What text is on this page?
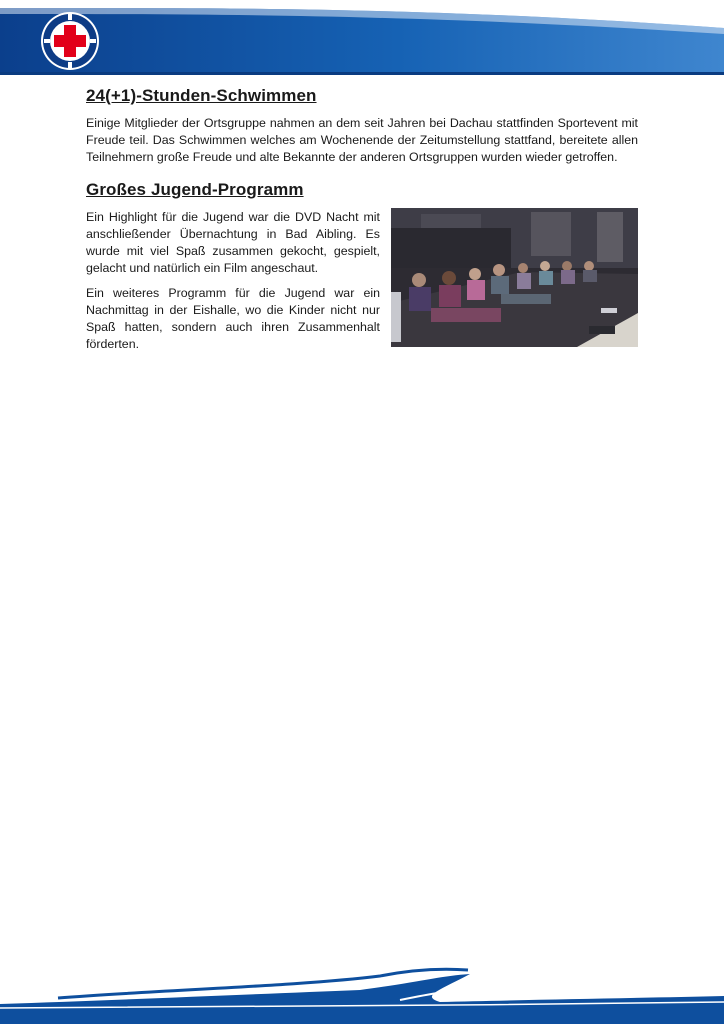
24(+1)-Stunden-Schwimmen

Einige Mitglieder der Ortsgruppe nahmen an dem seit Jahren bei Dachau stattfinden Sportevent mit Freude teil. Das Schwimmen welches am Wochenende der Zeitumstellung stattfand, bereitete allen Teilnehmern große Freude und alte Bekannte der anderen Ortsgruppen wurden wieder getroffen.

Großes Jugend-Programm

Ein Highlight für die Jugend war die DVD Nacht mit anschließender Übernachtung in Bad Aibling. Es wurde mit viel Spaß zusammen gekocht, gespielt, gelacht und natürlich ein Film angeschaut.

Ein weiteres Programm für die Jugend war ein Nachmittag in der Eishalle, wo die Kinder nicht nur Spaß hatten, sondern auch ihren Zusammenhalt förderten.
